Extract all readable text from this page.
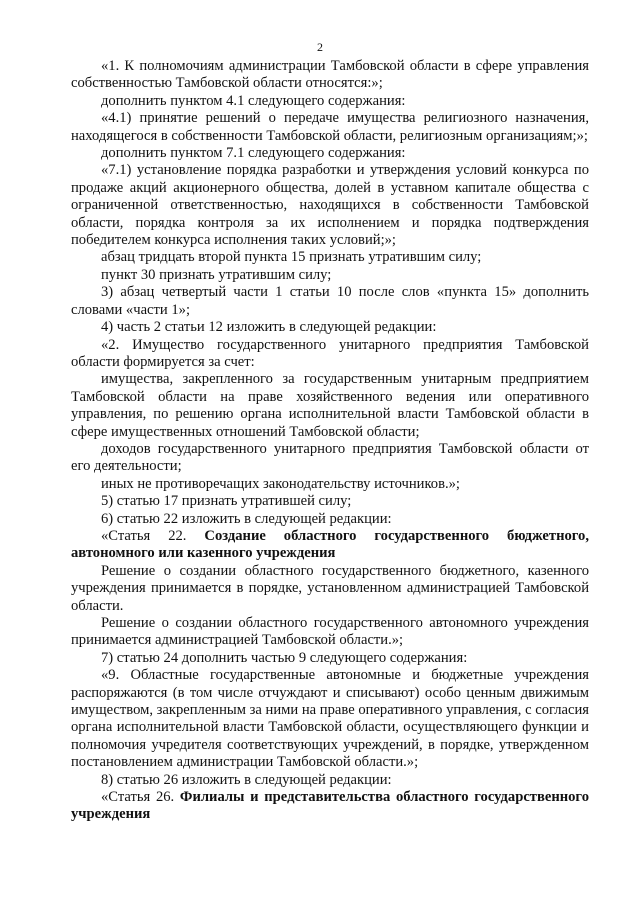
2

«1. К полномочиям администрации Тамбовской области в сфере управления собственностью Тамбовской области относятся:»;

дополнить пунктом 4.1 следующего содержания:

«4.1) принятие решений о передаче имущества религиозного назначения, находящегося в собственности Тамбовской области, религиозным организациям;»;

дополнить пунктом 7.1 следующего содержания:

«7.1) установление порядка разработки и утверждения условий конкурса по продаже акций акционерного общества, долей в уставном капитале общества с ограниченной ответственностью, находящихся в собственности Тамбовской области, порядка контроля за их исполнением и порядка подтверждения победителем конкурса исполнения таких условий;»;

абзац тридцать второй пункта 15 признать утратившим силу;

пункт 30 признать утратившим силу;

3) абзац четвертый части 1 статьи 10 после слов «пункта 15» дополнить словами «части 1»;

4) часть 2 статьи 12 изложить в следующей редакции:

«2. Имущество государственного унитарного предприятия Тамбовской области формируется за счет:

имущества, закрепленного за государственным унитарным предприятием Тамбовской области на праве хозяйственного ведения или оперативного управления, по решению органа исполнительной власти Тамбовской области в сфере имущественных отношений Тамбовской области;

доходов государственного унитарного предприятия Тамбовской области от его деятельности;

иных не противоречащих законодательству источников.»;

5) статью 17 признать утратившей силу;

6) статью 22 изложить в следующей редакции:

«Статья 22. Создание областного государственного бюджетного, автономного или казенного учреждения

Решение о создании областного государственного бюджетного, казенного учреждения принимается в порядке, установленном администрацией Тамбовской области.

Решение о создании областного государственного автономного учреждения принимается администрацией Тамбовской области.»;

7) статью 24 дополнить частью 9 следующего содержания:

«9. Областные государственные автономные и бюджетные учреждения распоряжаются (в том числе отчуждают и списывают) особо ценным движимым имуществом, закрепленным за ними на праве оперативного управления, с согласия органа исполнительной власти Тамбовской области, осуществляющего функции и полномочия учредителя соответствующих учреждений, в порядке, утвержденном постановлением администрации Тамбовской области.»;

8) статью 26 изложить в следующей редакции:

«Статья 26. Филиалы и представительства областного государственного учреждения
